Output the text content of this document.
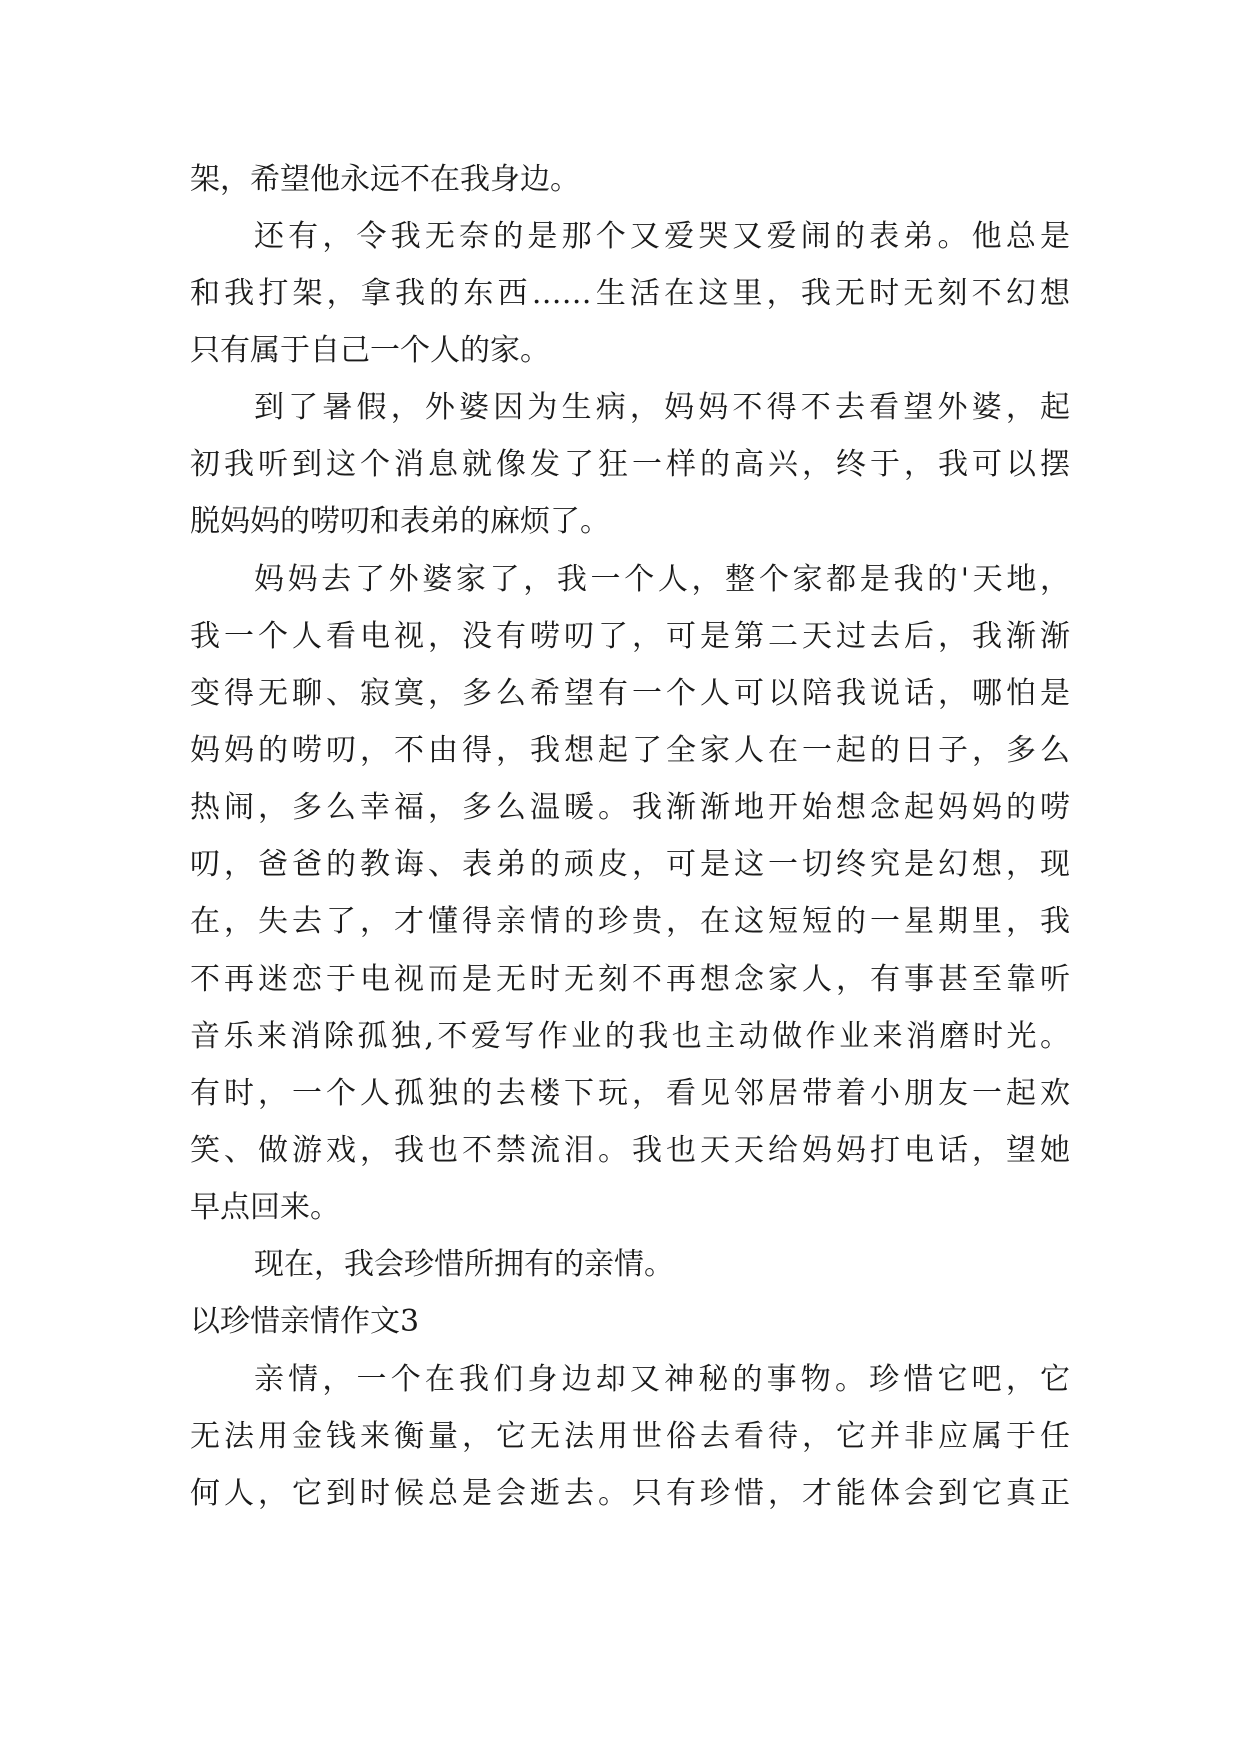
架，希望他永远不在我身边。
还有，令我无奈的是那个又爱哭又爱闹的表弟。他总是
和我打架，拿我的东西……生活在这里，我无时无刻不幻想
只有属于自己一个人的家。
到了暑假，外婆因为生病，妈妈不得不去看望外婆，起
初我听到这个消息就像发了狂一样的高兴，终于，我可以摆
脱妈妈的唠叨和表弟的麻烦了。
妈妈去了外婆家了，我一个人，整个家都是我的'天地，
我一个人看电视，没有唠叨了，可是第二天过去后，我渐渐
变得无聊、寂寞，多么希望有一个人可以陪我说话，哪怕是
妈妈的唠叨，不由得，我想起了全家人在一起的日子，多么
热闹，多么幸福，多么温暖。我渐渐地开始想念起妈妈的唠
叨，爸爸的教诲、表弟的顽皮，可是这一切终究是幻想，现
在，失去了，才懂得亲情的珍贵，在这短短的一星期里，我
不再迷恋于电视而是无时无刻不再想念家人，有事甚至靠听
音乐来消除孤独,不爱写作业的我也主动做作业来消磨时光。
有时，一个人孤独的去楼下玩，看见邻居带着小朋友一起欢
笑、做游戏，我也不禁流泪。我也天天给妈妈打电话，望她
早点回来。
现在，我会珍惜所拥有的亲情。
以珍惜亲情作文3
亲情，一个在我们身边却又神秘的事物。珍惜它吧，它
无法用金钱来衡量，它无法用世俗去看待，它并非应属于任
何人，它到时候总是会逝去。只有珍惜，才能体会到它真正
